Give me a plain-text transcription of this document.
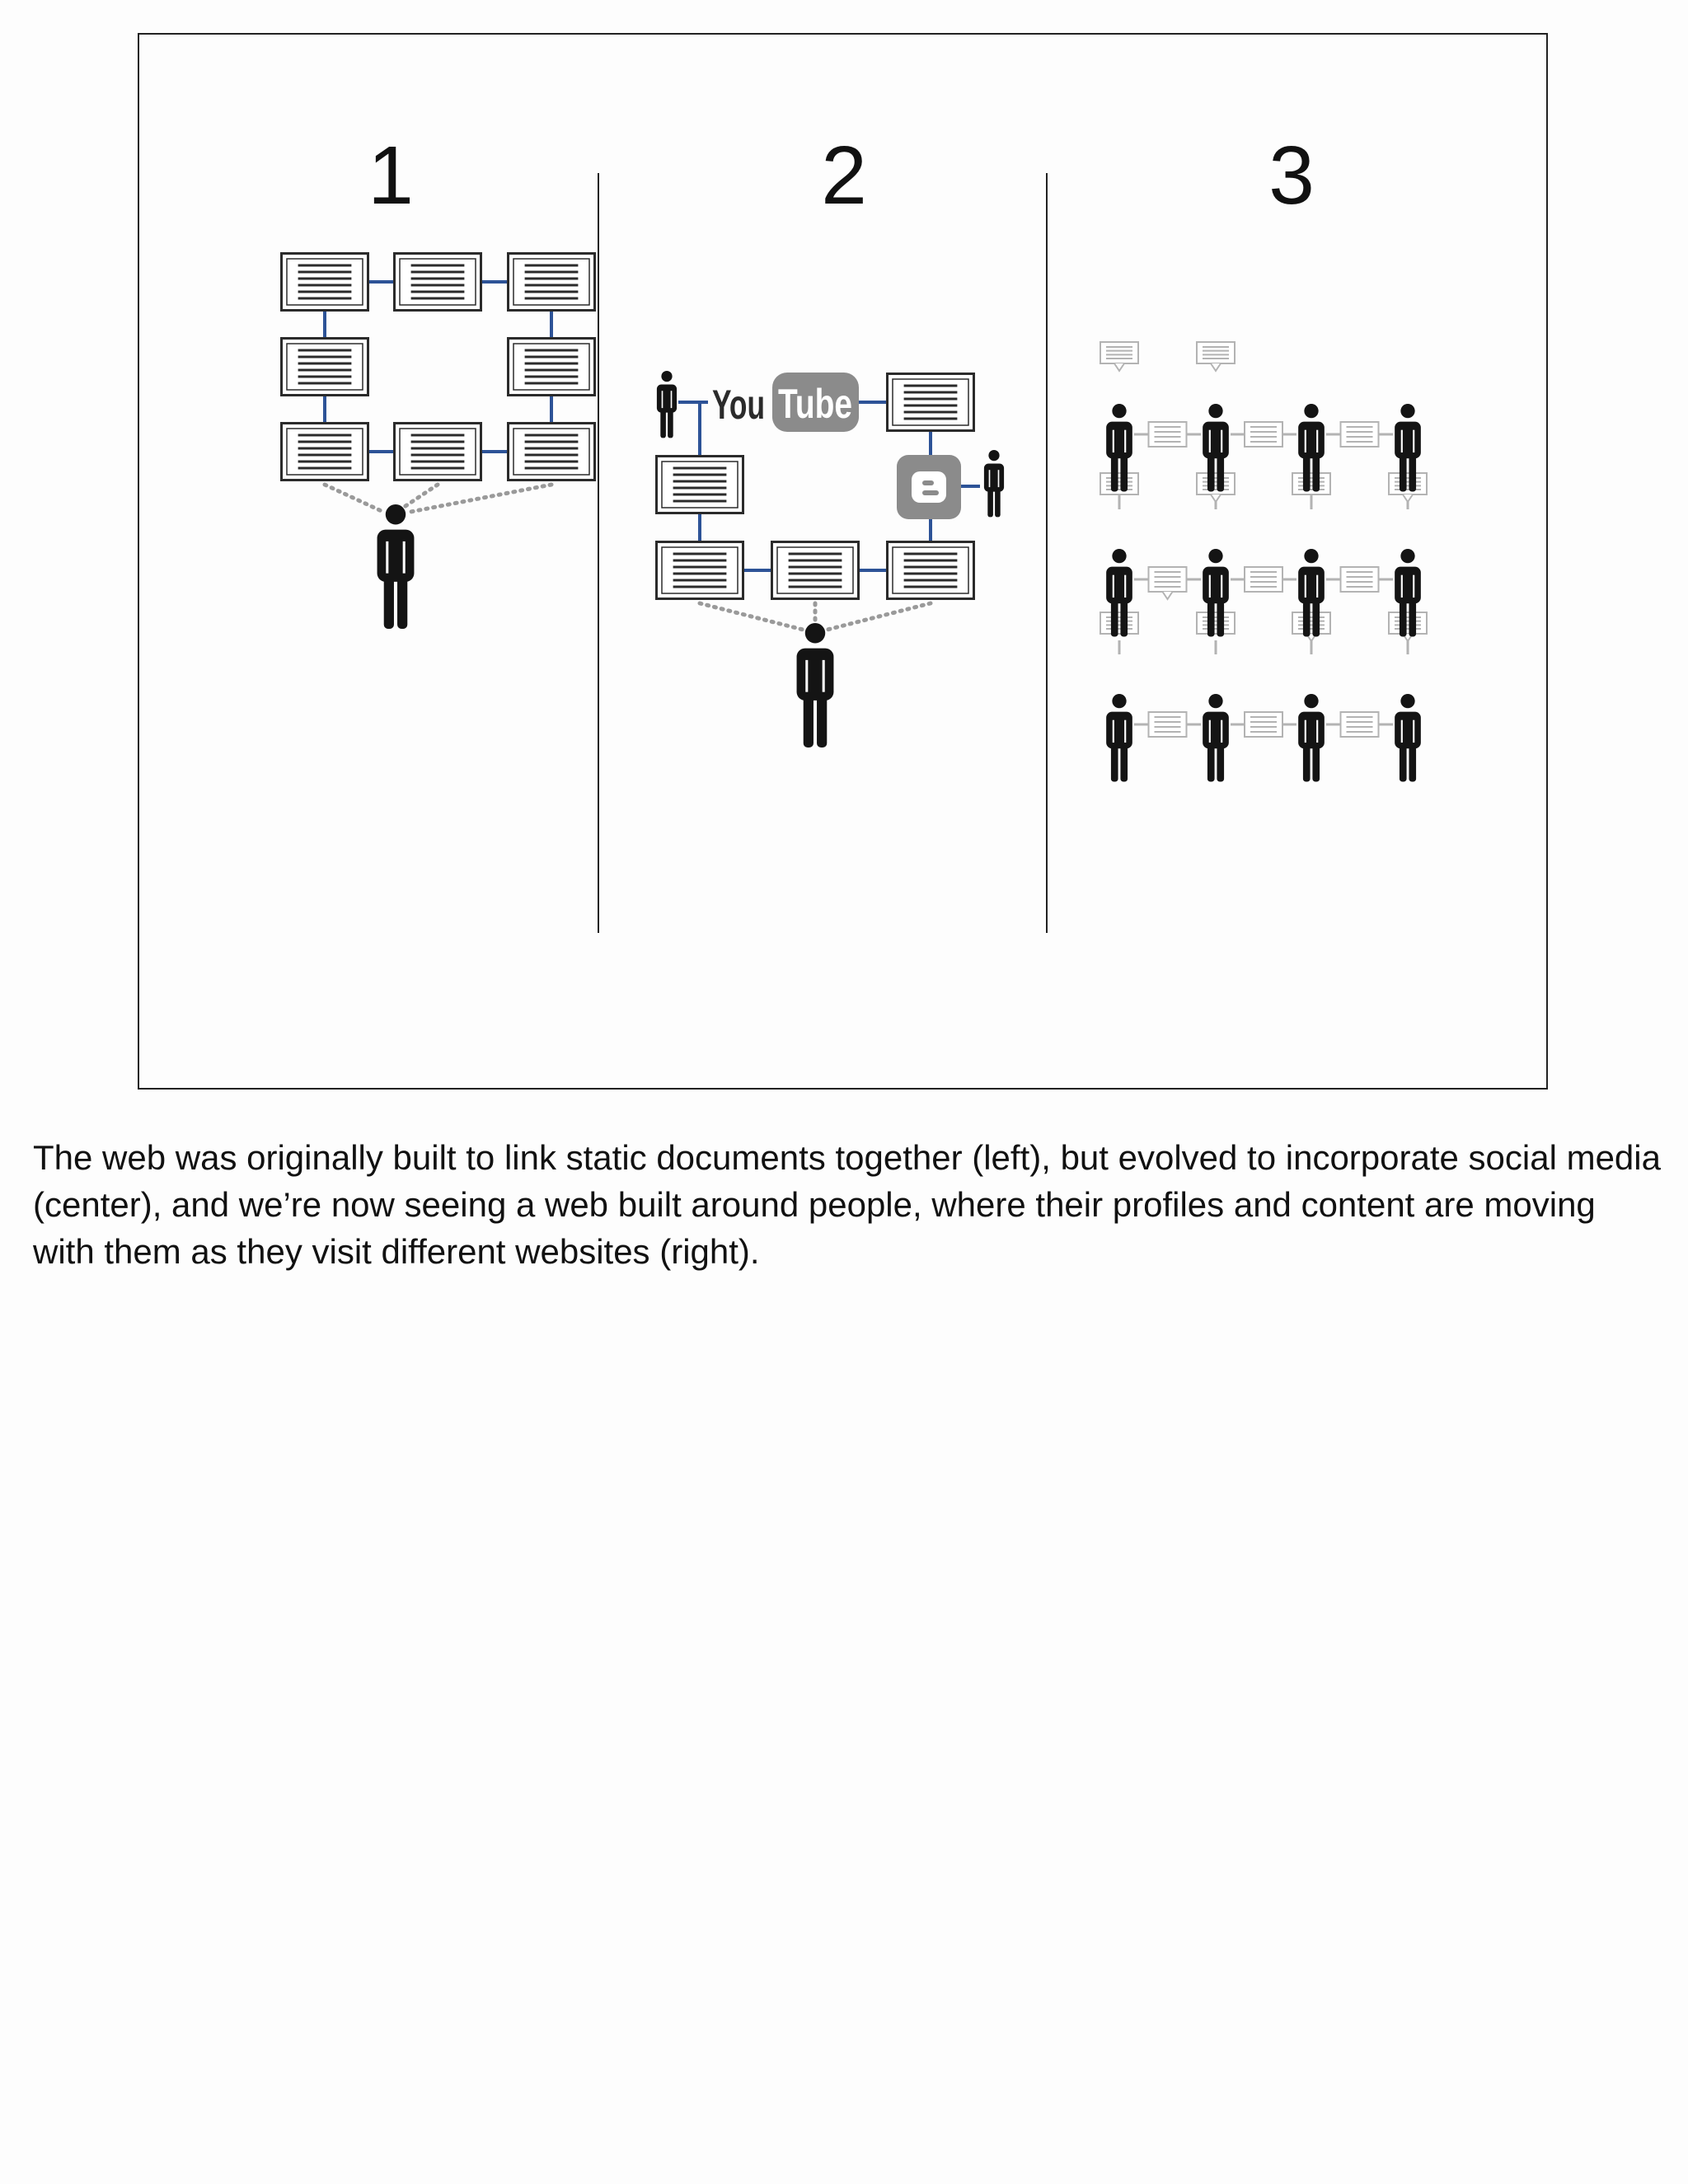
1	2	3
You Tube

The web was originally built to link static documents together (left), but evolved to incorporate social media (center), and we’re now seeing a web built around people, where their profiles and content are moving with them as they visit different websites (right).
